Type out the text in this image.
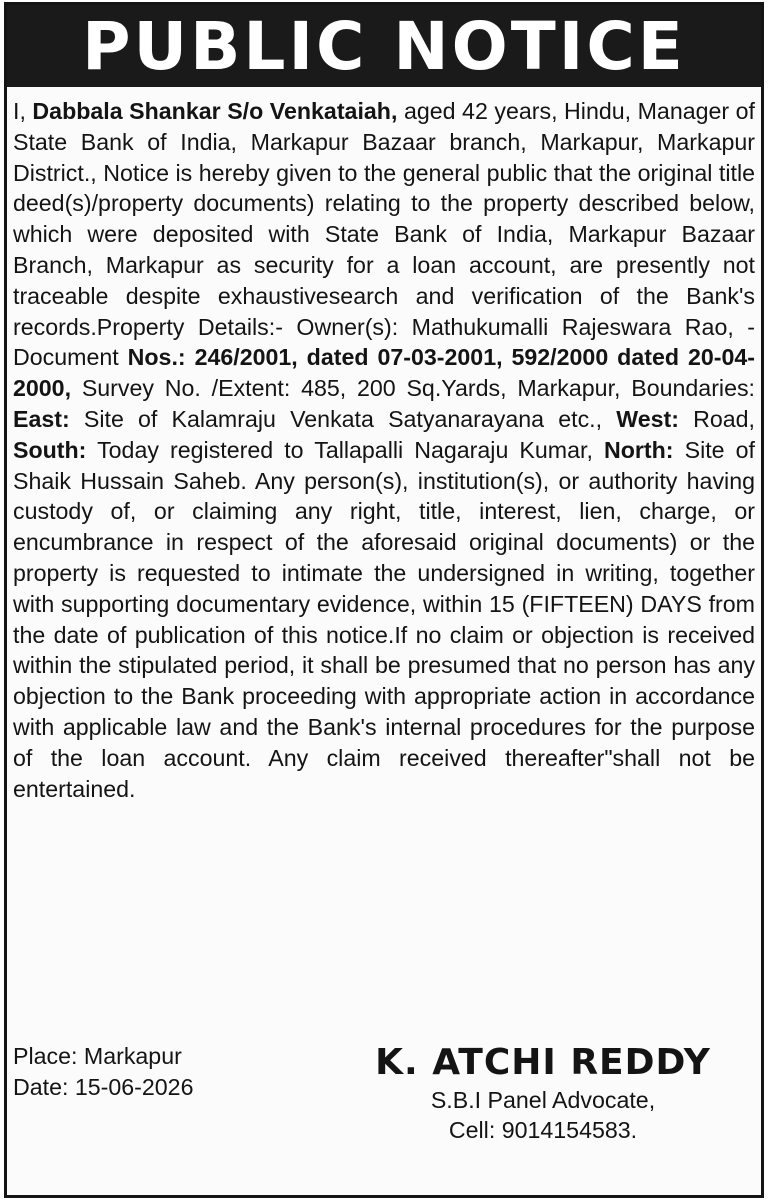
PUBLIC NOTICE
I, Dabbala Shankar S/o Venkataiah, aged 42 years, Hindu, Manager of State Bank of India, Markapur Bazaar branch, Markapur, Markapur District., Notice is hereby given to the general public that the original title deed(s)/property documents) relating to the property described below, which were deposited with State Bank of India, Markapur Bazaar Branch, Markapur as security for a loan account, are presently not traceable despite exhaustivesearch and verification of the Bank's records.Property Details:- Owner(s): Mathukumalli Rajeswara Rao, - Document Nos.: 246/2001, dated 07-03-2001, 592/2000 dated 20-04-2000, Survey No. /Extent: 485, 200 Sq.Yards, Markapur, Boundaries: East: Site of Kalamraju Venkata Satyanarayana etc., West: Road, South: Today registered to Tallapalli Nagaraju Kumar, North: Site of Shaik Hussain Saheb. Any person(s), institution(s), or authority having custody of, or claiming any right, title, interest, lien, charge, or encumbrance in respect of the aforesaid original documents) or the property is requested to intimate the undersigned in writing, together with supporting documentary evidence, within 15 (FIFTEEN) DAYS from the date of publication of this notice.If no claim or objection is received within the stipulated period, it shall be presumed that no person has any objection to the Bank proceeding with appropriate action in accordance with applicable law and the Bank's internal procedures for the purpose of the loan account. Any claim received thereafter"shall not be entertained.
Place: Markapur
Date: 15-06-2026
K. ATCHI REDDY
S.B.I Panel Advocate,
Cell: 9014154583.
